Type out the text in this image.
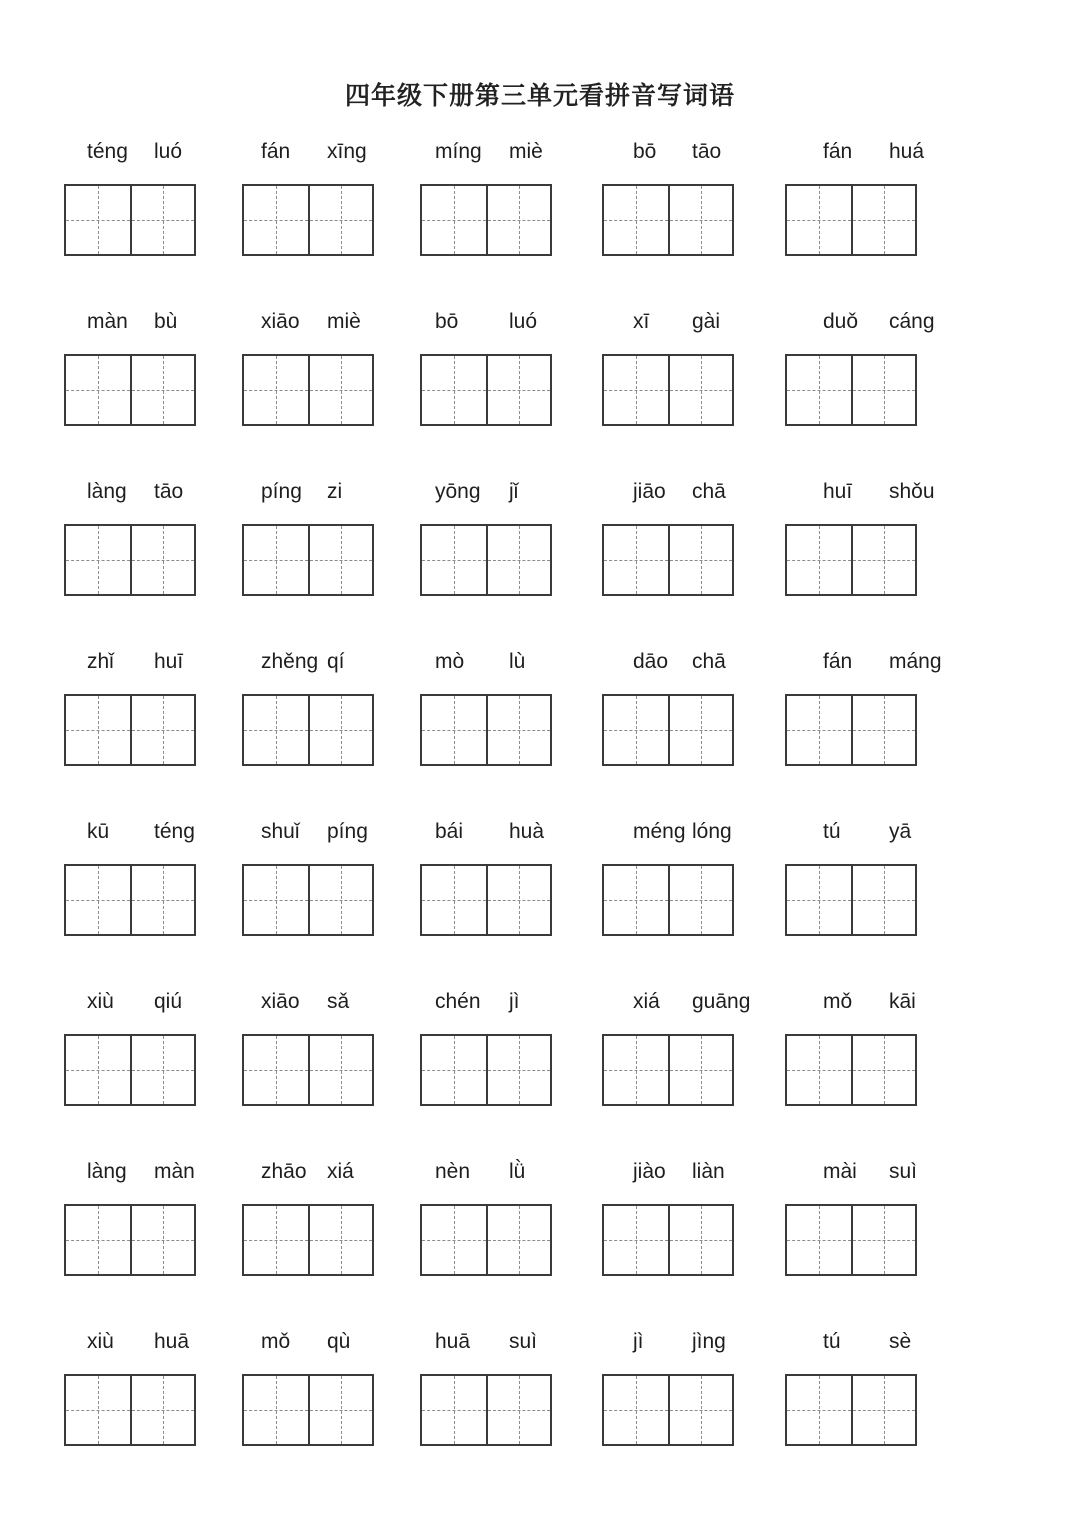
四年级下册第三单元看拼音写词语
téng luó	fán xīng	míng miè	bō tāo	fán huá
màn bù	xiāo miè	bō luó	xī gài	duǒ cáng
làng tāo	píng zi	yōng jǐ	jiāo chā	huī shǒu
zhǐ huī	zhěng qí	mò lù	dāo chā	fán máng
kū téng	shuǐ píng	bái huà	méng lóng	tú yā
xiù qiú	xiāo sǎ	chén jì	xiá guāng	mǒ kāi
làng màn	zhāo xiá	nèn lǜ	jiào liàn	mài suì
xiù huā	mǒ qù	huā suì	jì jìng	tú sè
